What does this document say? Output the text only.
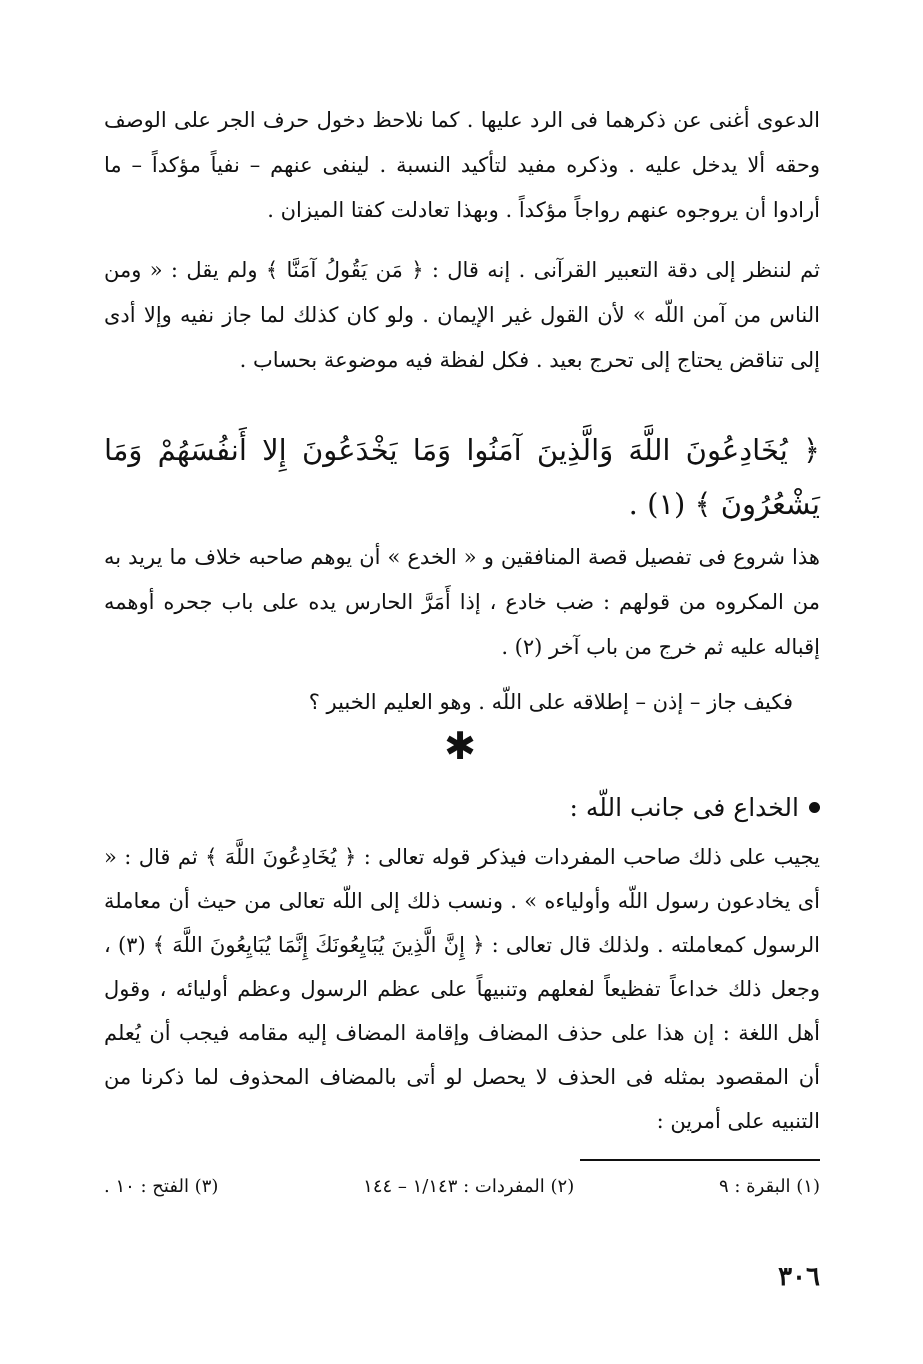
الدعوى أغنى عن ذكرهما فى الرد عليها . كما نلاحظ دخول حرف الجر على الوصف وحقه ألا يدخل عليه . وذكره مفيد لتأكيد النسبة . لينفى عنهم – نفياً مؤكداً – ما أرادوا أن يروجوه عنهم رواجاً مؤكداً . وبهذا تعادلت كفتا الميزان .

ثم لننظر إلى دقة التعبير القرآنى . إنه قال : ﴿ مَن يَقُولُ آمَنَّا ﴾ ولم يقل : « ومن الناس من آمن اللّه » لأن القول غير الإيمان . ولو كان كذلك لما جاز نفيه وإلا أدى إلى تناقض يحتاج إلى تحرج بعيد . فكل لفظة فيه موضوعة بحساب .

﴿ يُخَادِعُونَ اللَّهَ وَالَّذِينَ آمَنُوا وَمَا يَخْدَعُونَ إِلا أَنفُسَهُمْ وَمَا يَشْعُرُونَ ﴾ (١) .

هذا شروع فى تفصيل قصة المنافقين و « الخدع » أن يوهم صاحبه خلاف ما يريد به من المكروه من قولهم : ضب خادع ، إذا أَمَرَّ الحارس يده على باب جحره أوهمه إقباله عليه ثم خرج من باب آخر (٢) .

فكيف جاز – إذن – إطلاقه على اللّه . وهو العليم الخبير ؟

✱
الخداع فى جانب اللّه :

يجيب على ذلك صاحب المفردات فيذكر قوله تعالى : ﴿ يُخَادِعُونَ اللَّهَ ﴾ ثم قال : « أى يخادعون رسول اللّه وأولياءه » . ونسب ذلك إلى اللّه تعالى من حيث أن معاملة الرسول كمعاملته . ولذلك قال تعالى : ﴿ إِنَّ الَّذِينَ يُبَايِعُونَكَ إِنَّمَا يُبَايِعُونَ اللَّهَ ﴾ (٣) ، وجعل ذلك خداعاً تفظيعاً لفعلهم وتنبيهاً على عظم الرسول وعظم أوليائه ، وقول أهل اللغة : إن هذا على حذف المضاف وإقامة المضاف إليه مقامه فيجب أن يُعلم أن المقصود بمثله فى الحذف لا يحصل لو أتى بالمضاف المحذوف لما ذكرنا من التنبيه على أمرين :

(١) البقرة : ٩
(٢) المفردات : ١/١٤٣ – ١٤٤
(٣) الفتح : ١٠ .
٣٠٦
